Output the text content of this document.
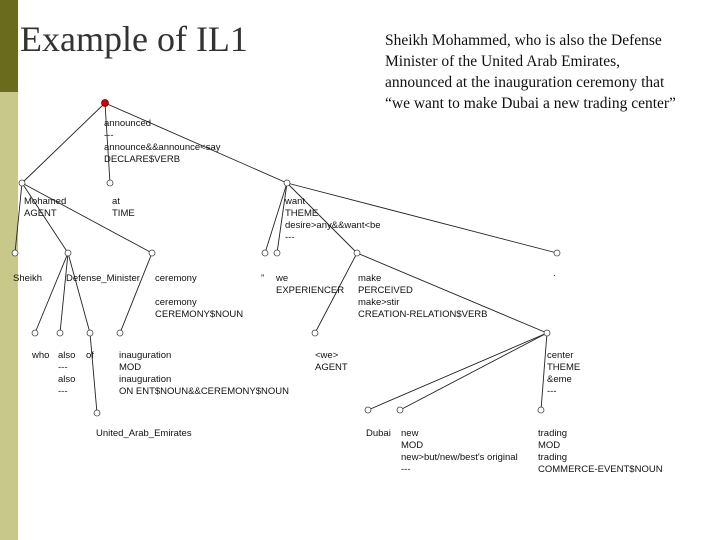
Example of IL1	Sheikh Mohammed, who is also the Defense Minister of the United Arab Emirates, announced at the inauguration ceremony that “we want to make Dubai a new trading center”

announced --- announce&&announce<say DECLARE$VERB
Mohamed AGENT
at TIME
want THEME desire>any&&want<be ---
Sheikh	Defense_Minister ceremony ceremony CEREMONY$NOUN
” we EXPERIENCER
make PERCEIVED make>stir CREATION-RELATION$VERB
.
who also --- also ---
of	inauguration MOD inauguration ON ENT$NOUN&&CEREMONY$NOUN
<we> AGENT
center THEME &eme ---
United_Arab_Emirates	Dubai new MOD new>but/new/best's original ---
trading MOD trading COMMERCE-EVENT$NOUN
